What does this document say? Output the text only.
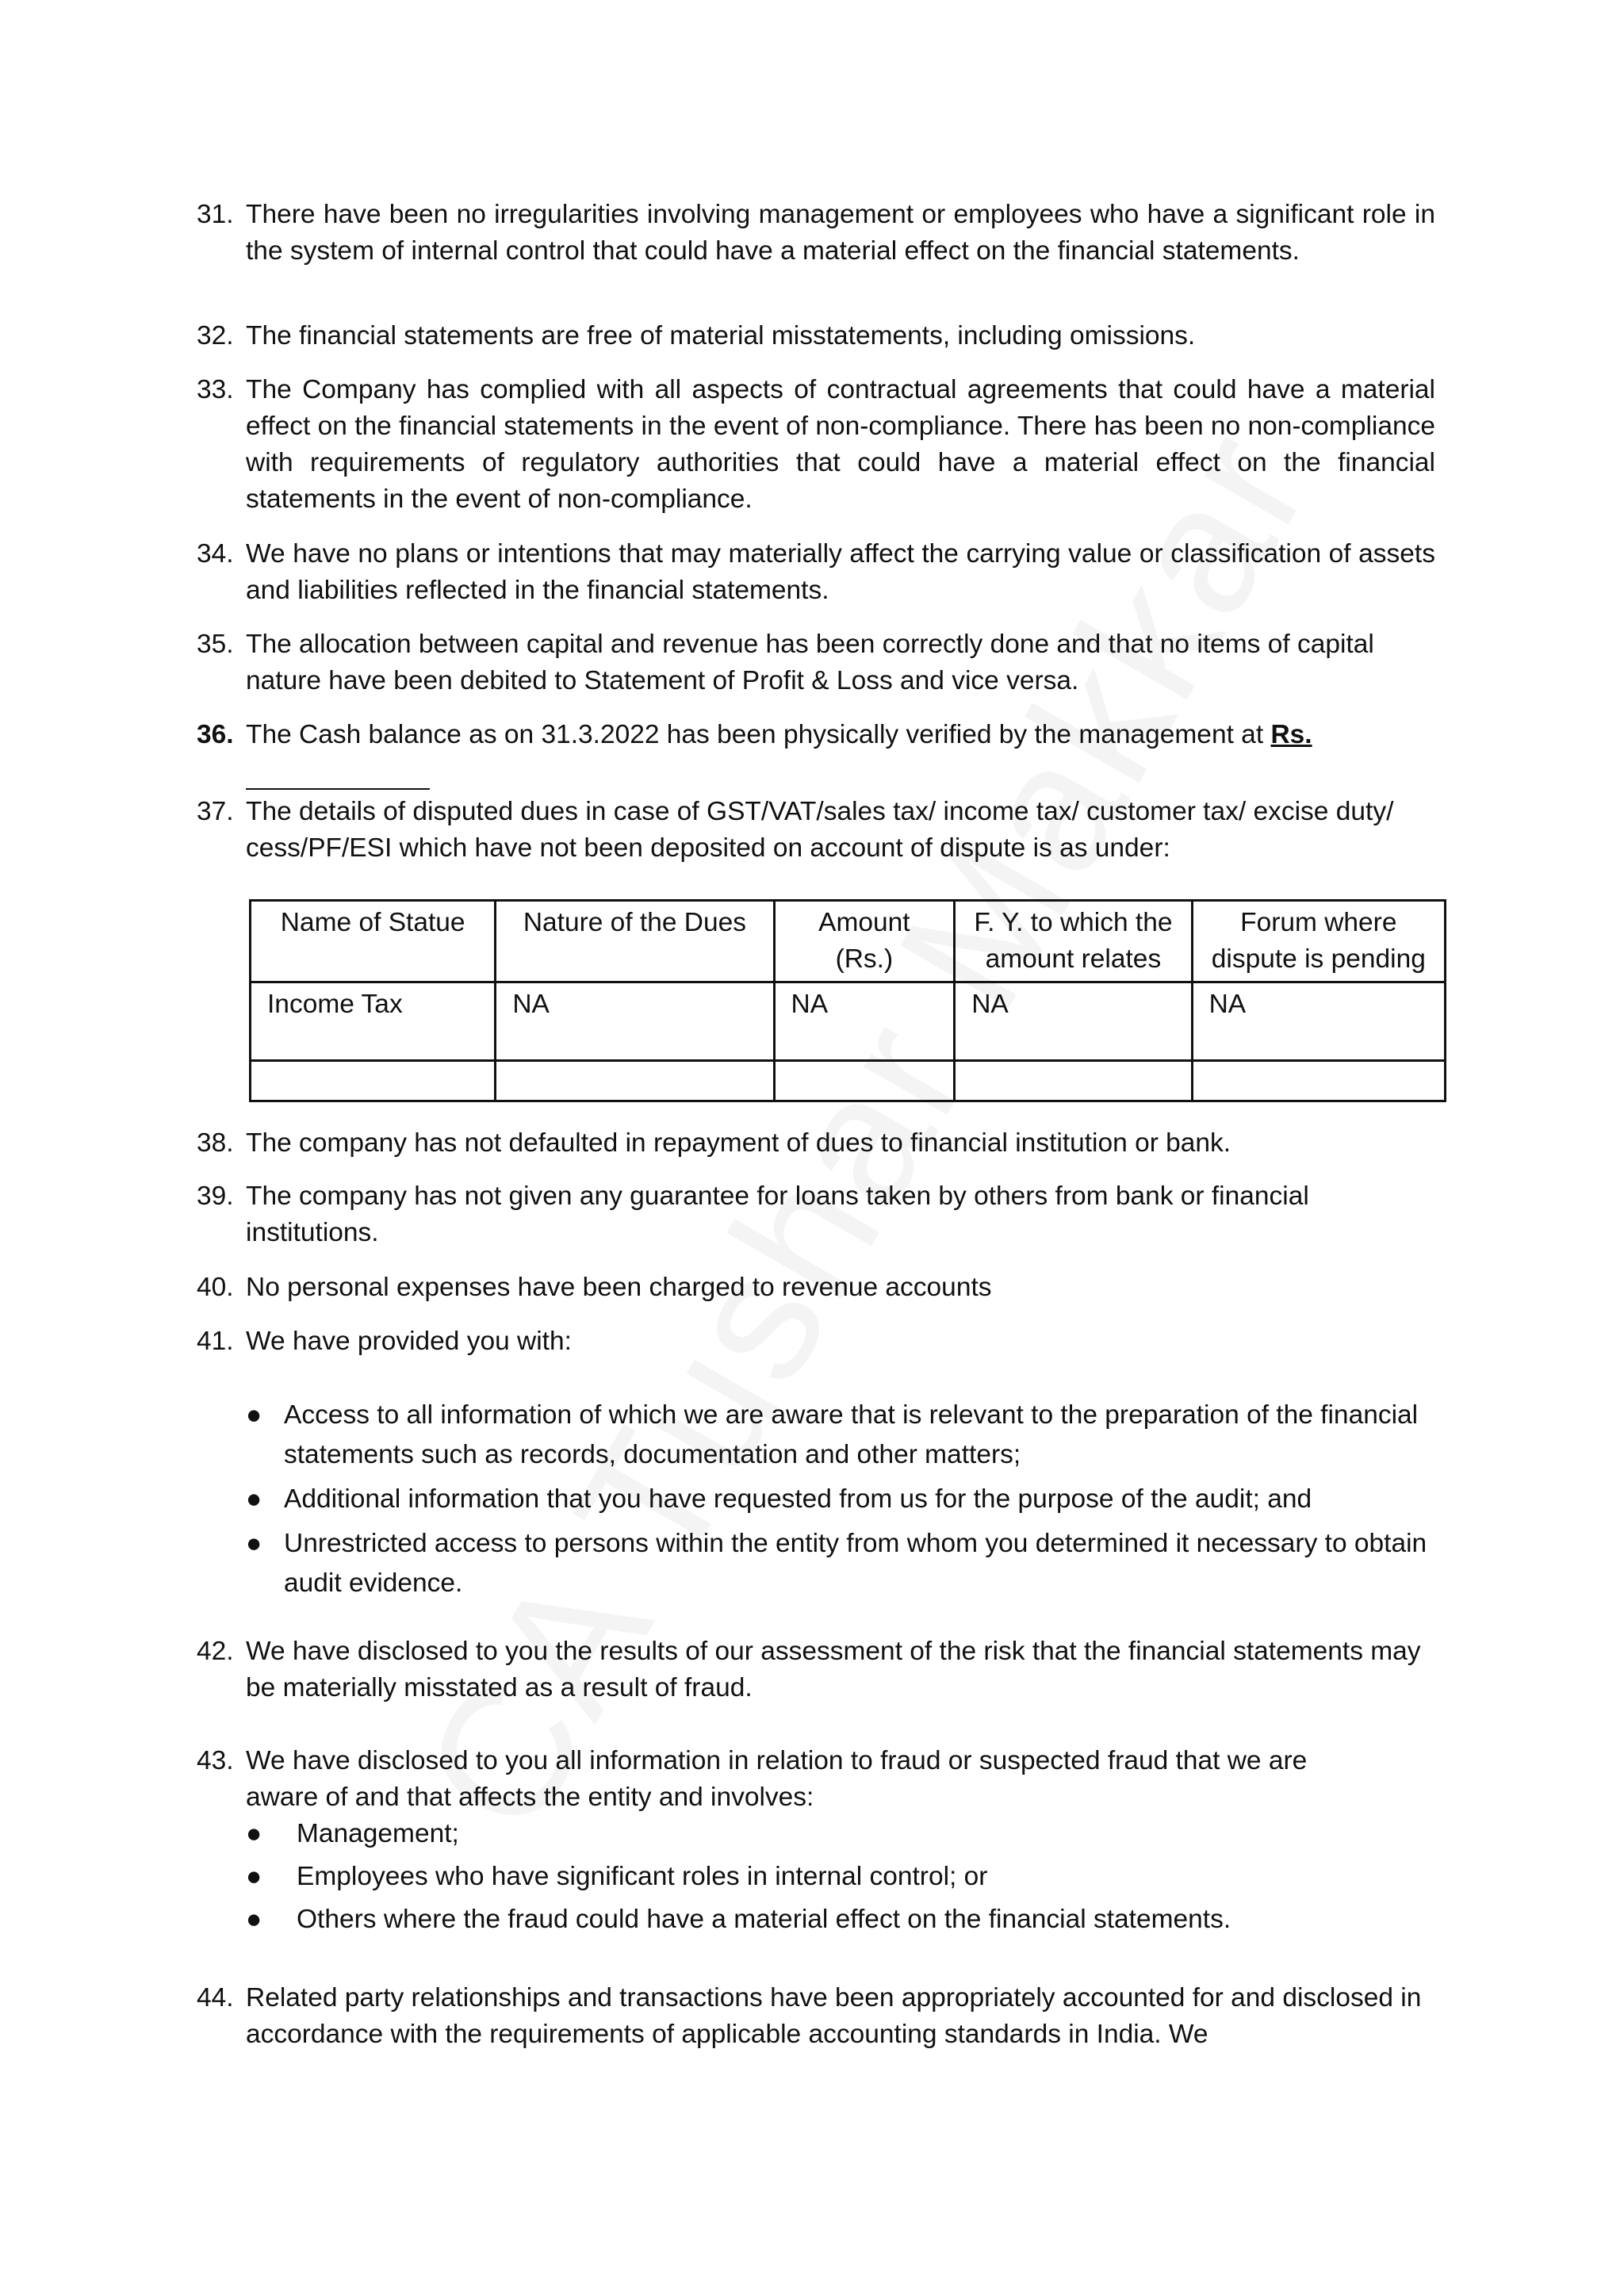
31. There have been no irregularities involving management or employees who have a significant role in the system of internal control that could have a material effect on the financial statements.
32. The financial statements are free of material misstatements, including omissions.
33. The Company has complied with all aspects of contractual agreements that could have a material effect on the financial statements in the event of non-compliance. There has been no non-compliance with requirements of regulatory authorities that could have a material effect on the financial statements in the event of non-compliance.
34. We have no plans or intentions that may materially affect the carrying value or classification of assets and liabilities reflected in the financial statements.
35. The allocation between capital and revenue has been correctly done and that no items of capital nature have been debited to Statement of Profit & Loss and vice versa.
36. The Cash balance as on 31.3.2022 has been physically verified by the management at Rs.

37. The details of disputed dues in case of GST/VAT/sales tax/ income tax/ customer tax/ excise duty/ cess/PF/ESI which have not been deposited on account of dispute is as under:
Name of Statue	Nature of the Dues	Amount (Rs.)	F. Y. to which the amount relates	Forum where dispute is pending
Income Tax	NA	NA	NA	NA

38. The company has not defaulted in repayment of dues to financial institution or bank.
39. The company has not given any guarantee for loans taken by others from bank or financial institutions.
40. No personal expenses have been charged to revenue accounts
41. We have provided you with:
● Access to all information of which we are aware that is relevant to the preparation of the financial statements such as records, documentation and other matters;
● Additional information that you have requested from us for the purpose of the audit; and
● Unrestricted access to persons within the entity from whom you determined it necessary to obtain audit evidence.
42. We have disclosed to you the results of our assessment of the risk that the financial statements may be materially misstated as a result of fraud.
43. We have disclosed to you all information in relation to fraud or suspected fraud that we are aware of and that affects the entity and involves:
● Management;
● Employees who have significant roles in internal control; or
● Others where the fraud could have a material effect on the financial statements.
44. Related party relationships and transactions have been appropriately accounted for and disclosed in accordance with the requirements of applicable accounting standards in India. We
